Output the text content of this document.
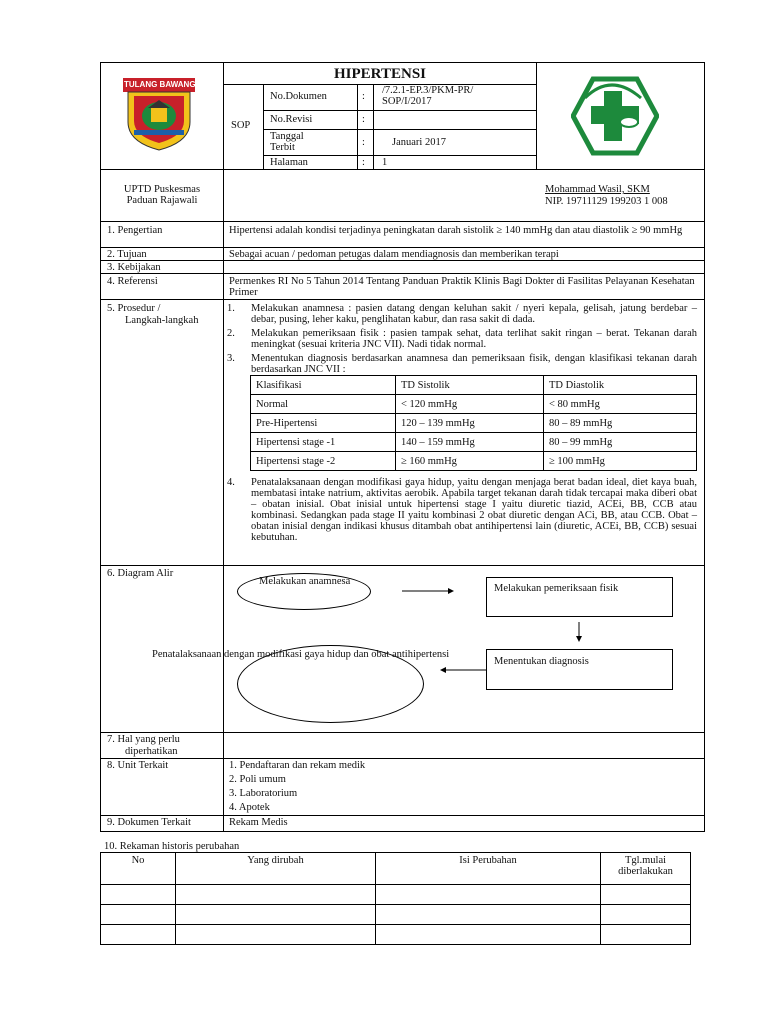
TULANG BAWANG
HIPERTENSI
SOP
No.Dokumen	:
/7.2.1-EP.3/PKM-PR/
SOP/I/2017
No.Revisi	:
Tanggal
Terbit	:	Januari 2017
Halaman	: 1
UPTD Puskesmas
Paduan Rajawali
Mohammad Wasil, SKM
NIP. 19711129 199203 1 008
1. Pengertian	Hipertensi adalah kondisi terjadinya peningkatan darah sistolik ≥ 140 mmHg dan atau diastolik ≥ 90 mmHg
2. Tujuan	Sebagai acuan / pedoman petugas dalam mendiagnosis dan memberikan terapi
3. Kebijakan
4. Referensi	Permenkes RI No 5 Tahun 2014 Tentang Panduan Praktik Klinis Bagi Dokter di Fasilitas Pelayanan Kesehatan Primer
5. Prosedur /
Langkah-langkah
1. Melakukan anamnesa : pasien datang dengan keluhan sakit / nyeri kepala, gelisah, jatung berdebar – debar, pusing, leher kaku, penglihatan kabur, dan rasa sakit di dada.
2. Melakukan pemeriksaan fisik : pasien tampak sehat, data terlihat sakit ringan – berat. Tekanan darah meningkat (sesuai kriteria JNC VII). Nadi tidak normal.
3. Menentukan diagnosis berdasarkan anamnesa dan pemeriksaan fisik, dengan klasifikasi tekanan darah berdasarkan JNC VII :
Klasifikasi	TD Sistolik	TD Diastolik
Normal	< 120 mmHg	< 80 mmHg
Pre-Hipertensi	120 – 139 mmHg	80 – 89 mmHg
Hipertensi stage -1	140 – 159 mmHg	80 – 99 mmHg
Hipertensi stage -2	≥ 160 mmHg	≥ 100 mmHg
4. Penatalaksanaan dengan modifikasi gaya hidup, yaitu dengan menjaga berat badan ideal, diet kaya buah, membatasi intake natrium, aktivitas aerobik. Apabila target tekanan darah tidak tercapai maka diberi obat – obatan inisial. Obat inisial untuk hipertensi stage I yaitu diuretic tiazid, ACEi, BB, CCB atau kombinasi. Sedangkan pada stage II yaitu kombinasi 2 obat diuretic dengan ACi, BB, atau CCB. Obat – obatan inisial dengan indikasi khusus ditambah obat antihipertensi lain (diuretic, ACEi, BB, CCB) sesuai kebutuhan.
6. Diagram Alir
Melakukan anamnesa
Melakukan pemeriksaan fisik
Menentukan diagnosis
Penatalaksanaan dengan modifikasi gaya hidup dan obat antihipertensi
7. Hal yang perlu
diperhatikan
8. Unit Terkait	1. Pendaftaran dan rekam medik
2. Poli umum
3. Laboratorium
4. Apotek
9. Dokumen Terkait	Rekam Medis
10. Rekaman historis perubahan
No	Yang dirubah	Isi Perubahan	Tgl.mulai
diberlakukan
